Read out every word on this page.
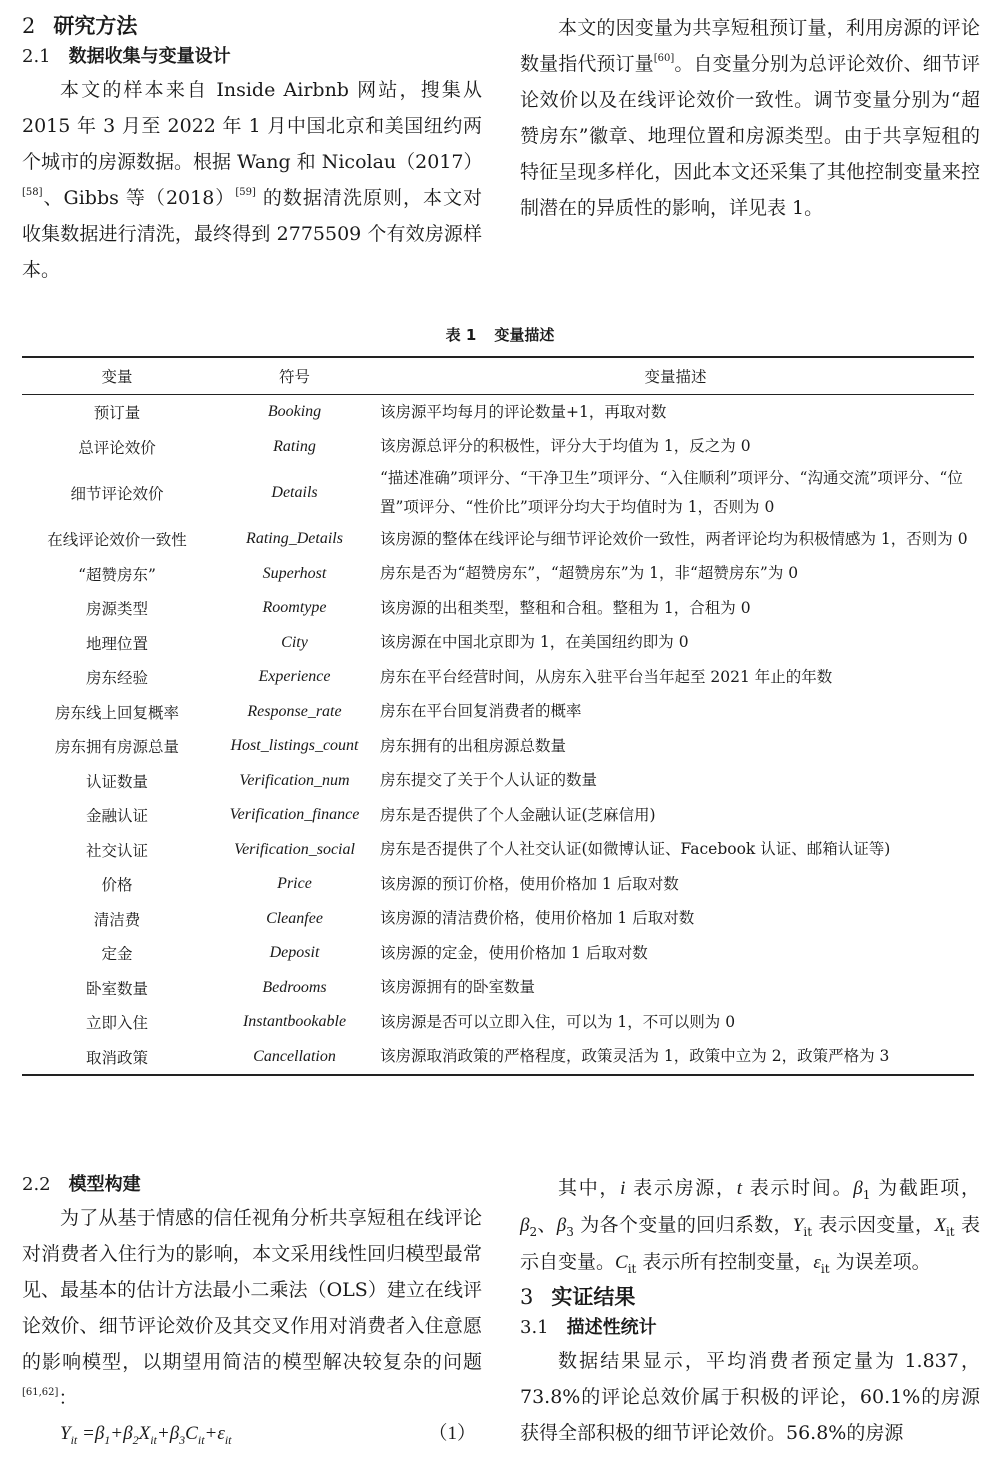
2 研究方法
2.1 数据收集与变量设计

本文的样本来自 Inside Airbnb 网站，搜集从 2015 年 3 月至 2022 年 1 月中国北京和美国纽约两个城市的房源数据。根据 Wang 和 Nicolau（2017）[58]、Gibbs 等（2018）[59] 的数据清洗原则，本文对收集数据进行清洗，最终得到 2775509 个有效房源样本。

本文的因变量为共享短租预订量，利用房源的评论数量指代预订量[60]。自变量分别为总评论效价、细节评论效价以及在线评论效价一致性。调节变量分别为“超赞房东”徽章、地理位置和房源类型。由于共享短租的特征呈现多样化，因此本文还采集了其他控制变量来控制潜在的异质性的影响，详见表 1。

表 1 变量描述
变量	符号	变量描述
预订量	Booking	该房源平均每月的评论数量+1，再取对数
总评论效价	Rating	该房源总评分的积极性，评分大于均值为 1，反之为 0
细节评论效价	Details	“描述准确”项评分、“干净卫生”项评分、“入住顺利”项评分、“沟通交流”项评分、“位置”项评分、“性价比”项评分均大于均值时为 1，否则为 0
在线评论效价一致性	Rating_Details	该房源的整体在线评论与细节评论效价一致性，两者评论均为积极情感为 1，否则为 0
“超赞房东”	Superhost	房东是否为“超赞房东”，“超赞房东”为 1，非“超赞房东”为 0
房源类型	Roomtype	该房源的出租类型，整租和合租。整租为 1，合租为 0
地理位置	City	该房源在中国北京即为 1，在美国纽约即为 0
房东经验	Experience	房东在平台经营时间，从房东入驻平台当年起至 2021 年止的年数
房东线上回复概率	Response_rate	房东在平台回复消费者的概率
房东拥有房源总量	Host_listings_count	房东拥有的出租房源总数量
认证数量	Verification_num	房东提交了关于个人认证的数量
金融认证	Verification_finance	房东是否提供了个人金融认证(芝麻信用)
社交认证	Verification_social	房东是否提供了个人社交认证(如微博认证、Facebook 认证、邮箱认证等)
价格	Price	该房源的预订价格，使用价格加 1 后取对数
清洁费	Cleanfee	该房源的清洁费价格，使用价格加 1 后取对数
定金	Deposit	该房源的定金，使用价格加 1 后取对数
卧室数量	Bedrooms	该房源拥有的卧室数量
立即入住	Instantbookable	该房源是否可以立即入住，可以为 1，不可以则为 0
取消政策	Cancellation	该房源取消政策的严格程度，政策灵活为 1，政策中立为 2，政策严格为 3
2.2 模型构建

为了从基于情感的信任视角分析共享短租在线评论对消费者入住行为的影响，本文采用线性回归模型最常见、最基本的估计方法最小二乘法（OLS）建立在线评论效价、细节评论效价及其交叉作用对消费者入住意愿的影响模型，以期望用简洁的模型解决较复杂的问题[61,62]：

$Y_{it} =\beta_1+\beta_2X_{it}+\beta_3C_{it}+\varepsilon_{it}$	（1）

其中，i 表示房源，t 表示时间。$\beta_1$ 为截距项，$\beta_2$、$\beta_3$ 为各个变量的回归系数，$Y_{it}$ 表示因变量，$X_{it}$ 表示自变量。$C_{it}$ 表示所有控制变量，$\varepsilon_{it}$ 为误差项。

3 实证结果
3.1 描述性统计

数据结果显示，平均消费者预定量为 1.837，73.8%的评论总效价属于积极的评论，60.1%的房源获得全部积极的细节评论效价。56.8%的房源
